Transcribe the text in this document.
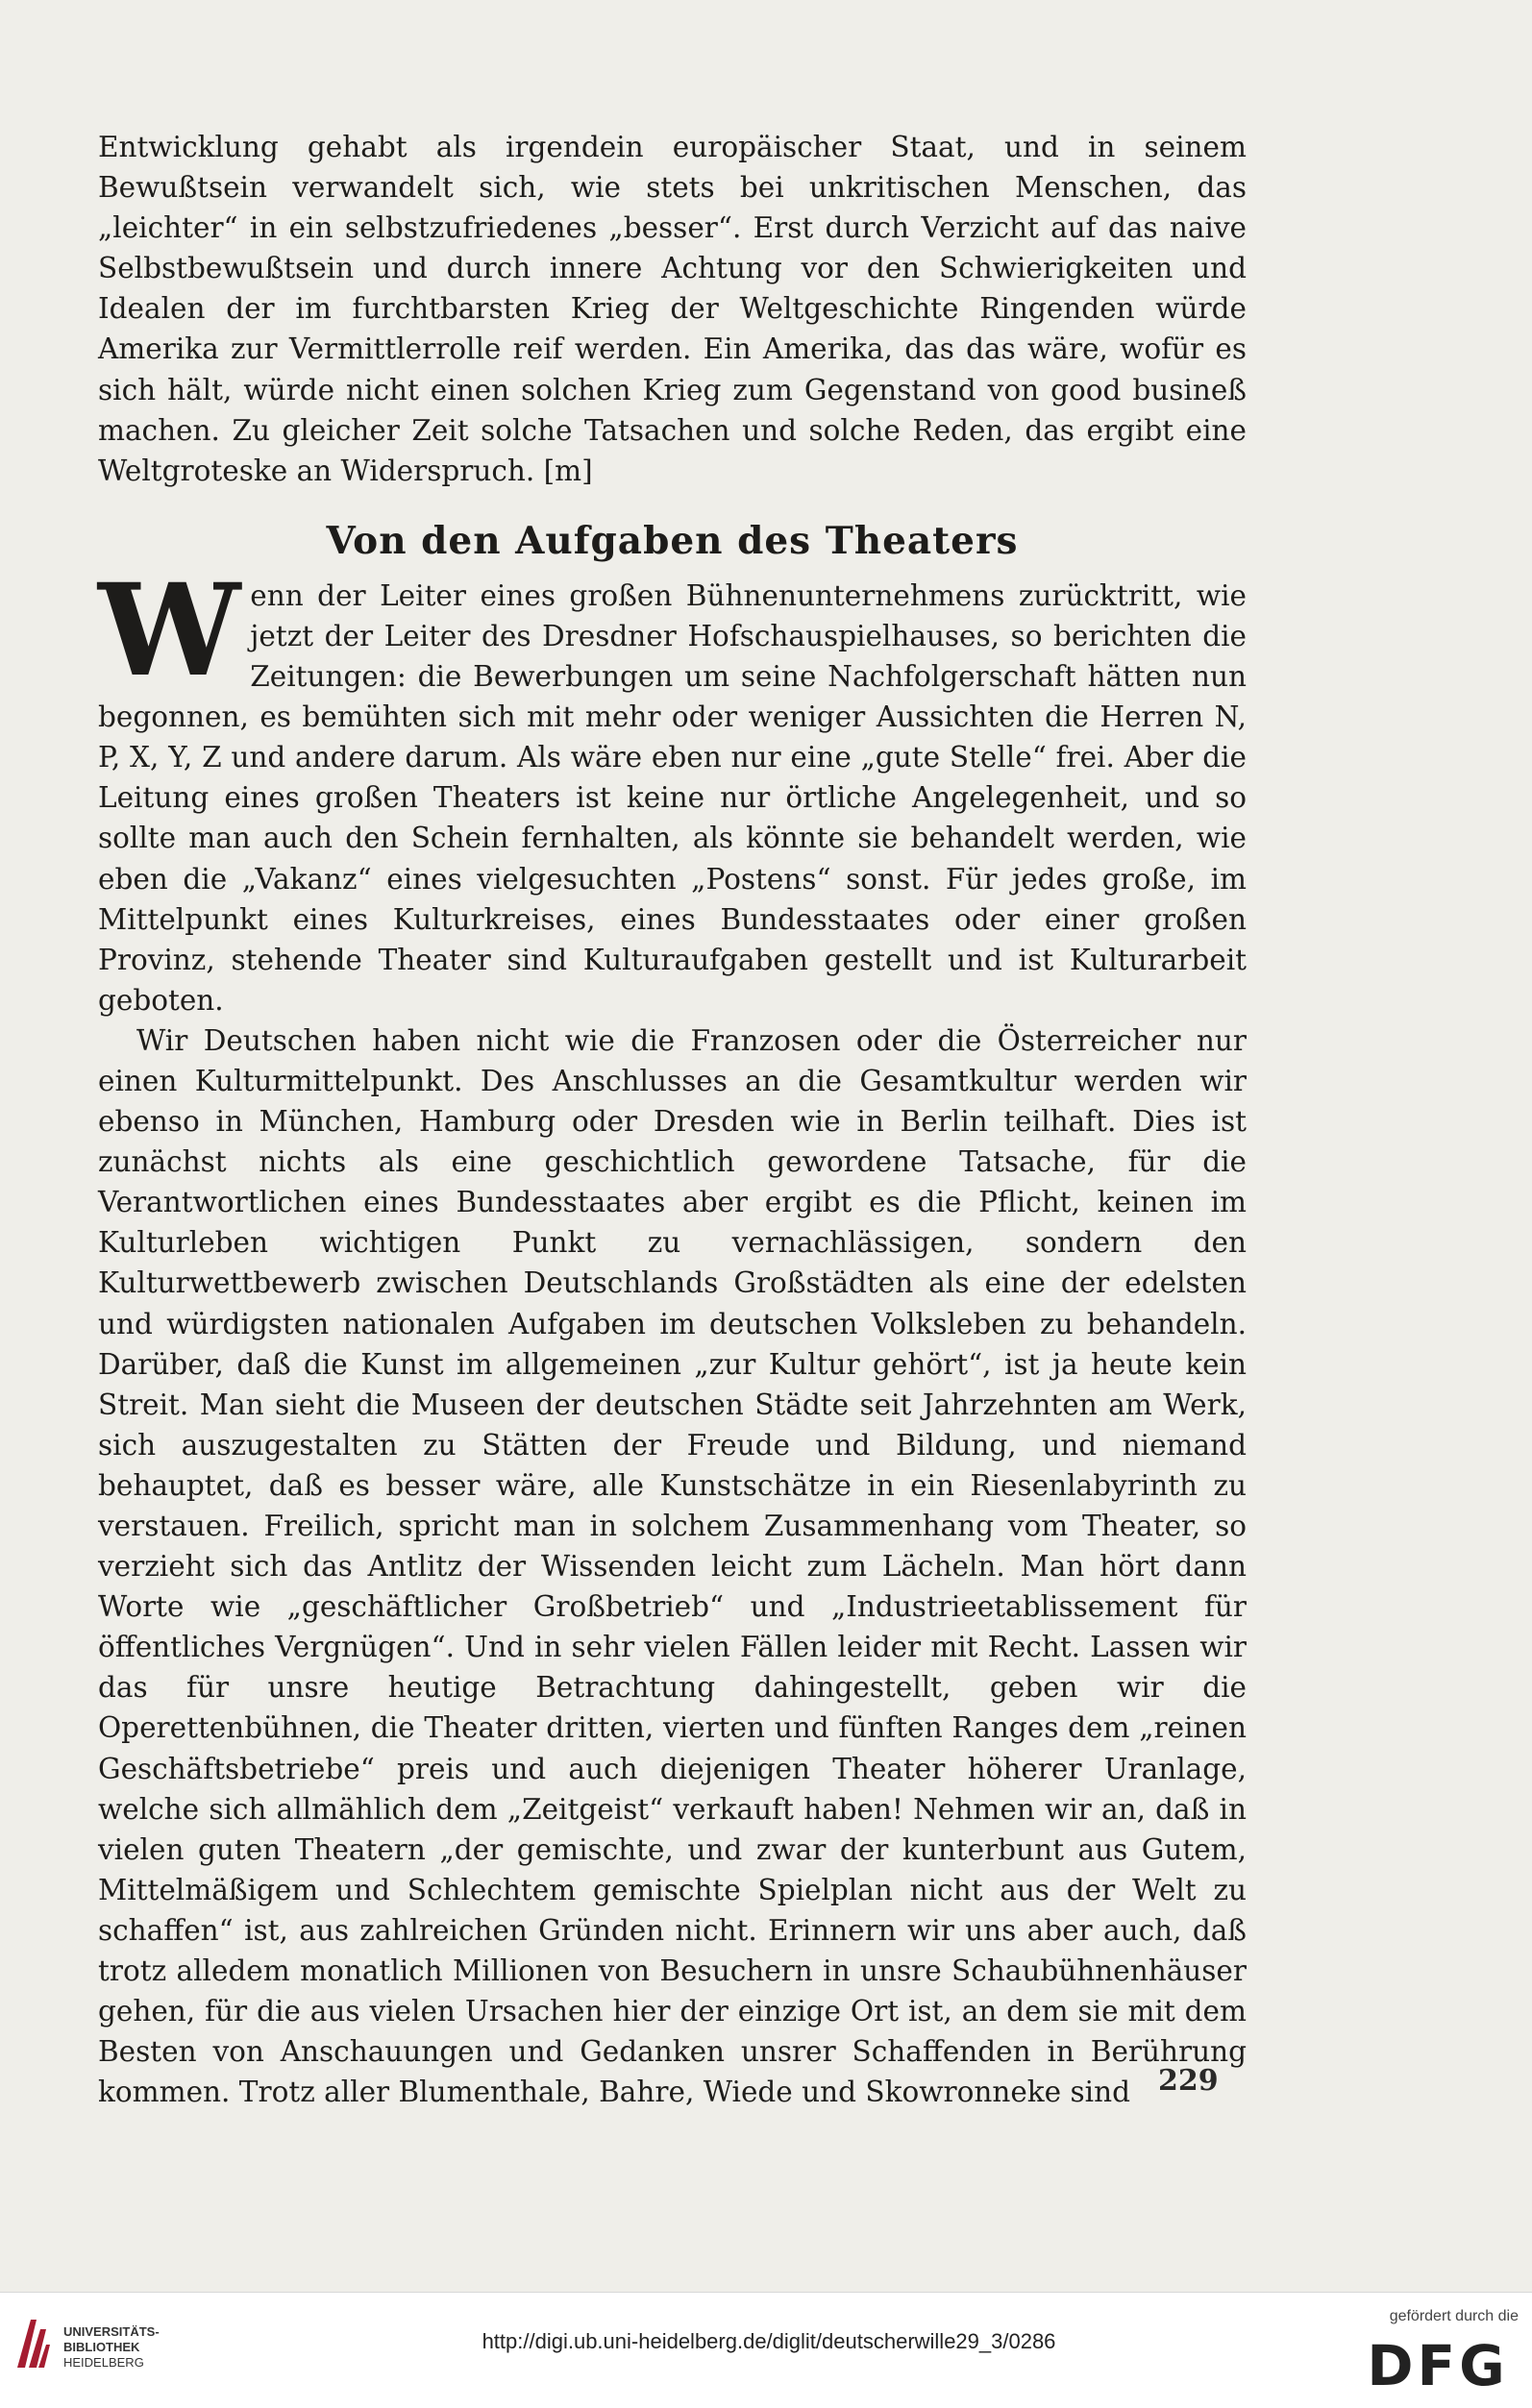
Entwicklung gehabt als irgendein europäischer Staat, und in seinem Bewußtsein verwandelt sich, wie stets bei unkritischen Menschen, das „leichter“ in ein selbstzufriedenes „besser“. Erst durch Verzicht auf das naive Selbstbewußtsein und durch innere Achtung vor den Schwierigkeiten und Idealen der im furchtbarsten Krieg der Weltgeschichte Ringenden würde Amerika zur Vermittlerrolle reif werden. Ein Amerika, das das wäre, wofür es sich hält, würde nicht einen solchen Krieg zum Gegenstand von good busineß machen. Zu gleicher Zeit solche Tatsachen und solche Reden, das ergibt eine Weltgroteske an Widerspruch. [m]

Von den Aufgaben des Theaters

Wenn der Leiter eines großen Bühnenunternehmens zurücktritt, wie jetzt der Leiter des Dresdner Hofschauspielhauses, so berichten die Zeitungen: die Bewerbungen um seine Nachfolgerschaft hätten nun begonnen, es bemühten sich mit mehr oder weniger Aussichten die Herren N, P, X, Y, Z und andere darum. Als wäre eben nur eine „gute Stelle“ frei. Aber die Leitung eines großen Theaters ist keine nur örtliche Angelegenheit, und so sollte man auch den Schein fernhalten, als könnte sie behandelt werden, wie eben die „Vakanz“ eines vielgesuchten „Postens“ sonst. Für jedes große, im Mittelpunkt eines Kulturkreises, eines Bundesstaates oder einer großen Provinz, stehende Theater sind Kulturaufgaben gestellt und ist Kulturarbeit geboten.

Wir Deutschen haben nicht wie die Franzosen oder die Österreicher nur einen Kulturmittelpunkt. Des Anschlusses an die Gesamtkultur werden wir ebenso in München, Hamburg oder Dresden wie in Berlin teilhaft. Dies ist zunächst nichts als eine geschichtlich gewordene Tatsache, für die Verantwortlichen eines Bundesstaates aber ergibt es die Pflicht, keinen im Kulturleben wichtigen Punkt zu vernachlässigen, sondern den Kulturwettbewerb zwischen Deutschlands Großstädten als eine der edelsten und würdigsten nationalen Aufgaben im deutschen Volksleben zu behandeln. Darüber, daß die Kunst im allgemeinen „zur Kultur gehört“, ist ja heute kein Streit. Man sieht die Museen der deutschen Städte seit Jahrzehnten am Werk, sich auszugestalten zu Stätten der Freude und Bildung, und niemand behauptet, daß es besser wäre, alle Kunstschätze in ein Riesenlabyrinth zu verstauen. Freilich, spricht man in solchem Zusammenhang vom Theater, so verzieht sich das Antlitz der Wissenden leicht zum Lächeln. Man hört dann Worte wie „geschäftlicher Großbetrieb“ und „Industrieetablissement für öffentliches Vergnügen“. Und in sehr vielen Fällen leider mit Recht. Lassen wir das für unsre heutige Betrachtung dahingestellt, geben wir die Operettenbühnen, die Theater dritten, vierten und fünften Ranges dem „reinen Geschäftsbetriebe“ preis und auch diejenigen Theater höherer Uranlage, welche sich allmählich dem „Zeitgeist“ verkauft haben! Nehmen wir an, daß in vielen guten Theatern „der gemischte, und zwar der kunterbunt aus Gutem, Mittelmäßigem und Schlechtem gemischte Spielplan nicht aus der Welt zu schaffen“ ist, aus zahlreichen Gründen nicht. Erinnern wir uns aber auch, daß trotz alledem monatlich Millionen von Besuchern in unsre Schaubühnenhäuser gehen, für die aus vielen Ursachen hier der einzige Ort ist, an dem sie mit dem Besten von Anschauungen und Gedanken unsrer Schaffenden in Berührung kommen. Trotz aller Blumenthale, Bahre, Wiede und Skowronneke sind 229
UNIVERSITÄTS-
BIBLIOTHEK
HEIDELBERG
http://digi.ub.uni-heidelberg.de/diglit/deutscherwille29_3/0286
gefördert durch die
DFG
